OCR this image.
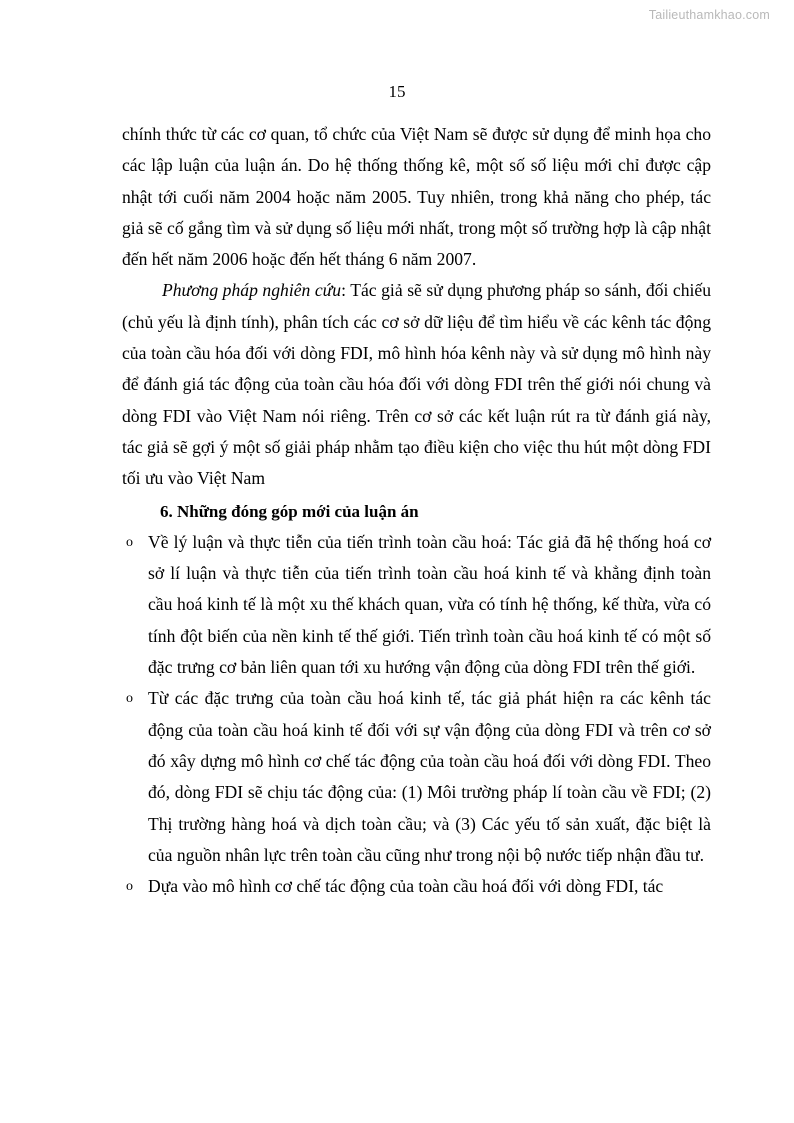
Tailieuthamkhao.com
15

chính thức từ các cơ quan, tổ chức của Việt Nam sẽ được sử dụng để minh họa cho các lập luận của luận án. Do hệ thống thống kê, một số số liệu mới chỉ được cập nhật tới cuối năm 2004 hoặc năm 2005. Tuy nhiên, trong khả năng cho phép, tác giả sẽ cố gắng tìm và sử dụng số liệu mới nhất, trong một số trường hợp là cập nhật đến hết năm 2006 hoặc đến hết tháng 6 năm 2007.

Phương pháp nghiên cứu: Tác giả sẽ sử dụng phương pháp so sánh, đối chiếu (chủ yếu là định tính), phân tích các cơ sở dữ liệu để tìm hiểu về các kênh tác động của toàn cầu hóa đối với dòng FDI, mô hình hóa kênh này và sử dụng mô hình này để đánh giá tác động của toàn cầu hóa đối với dòng FDI trên thế giới nói chung và dòng FDI vào Việt Nam nói riêng. Trên cơ sở các kết luận rút ra từ đánh giá này, tác giả sẽ gợi ý một số giải pháp nhằm tạo điều kiện cho việc thu hút một dòng FDI tối ưu vào Việt Nam

6. Những đóng góp mới của luận án

o Về lý luận và thực tiễn của tiến trình toàn cầu hoá: Tác giả đã hệ thống hoá cơ sở lí luận và thực tiễn của tiến trình toàn cầu hoá kinh tế và khẳng định toàn cầu hoá kinh tế là một xu thế khách quan, vừa có tính hệ thống, kế thừa, vừa có tính đột biến của nền kinh tế thế giới. Tiến trình toàn cầu hoá kinh tế có một số đặc trưng cơ bản liên quan tới xu hướng vận động của dòng FDI trên thế giới.
o Từ các đặc trưng của toàn cầu hoá kinh tế, tác giả phát hiện ra các kênh tác động của toàn cầu hoá kinh tế đối với sự vận động của dòng FDI và trên cơ sở đó xây dựng mô hình cơ chế tác động của toàn cầu hoá đối với dòng FDI. Theo đó, dòng FDI sẽ chịu tác động của: (1) Môi trường pháp lí toàn cầu về FDI; (2) Thị trường hàng hoá và dịch toàn cầu; và (3) Các yếu tố sản xuất, đặc biệt là của nguồn nhân lực trên toàn cầu cũng như trong nội bộ nước tiếp nhận đầu tư.
o Dựa vào mô hình cơ chế tác động của toàn cầu hoá đối với dòng FDI, tác
